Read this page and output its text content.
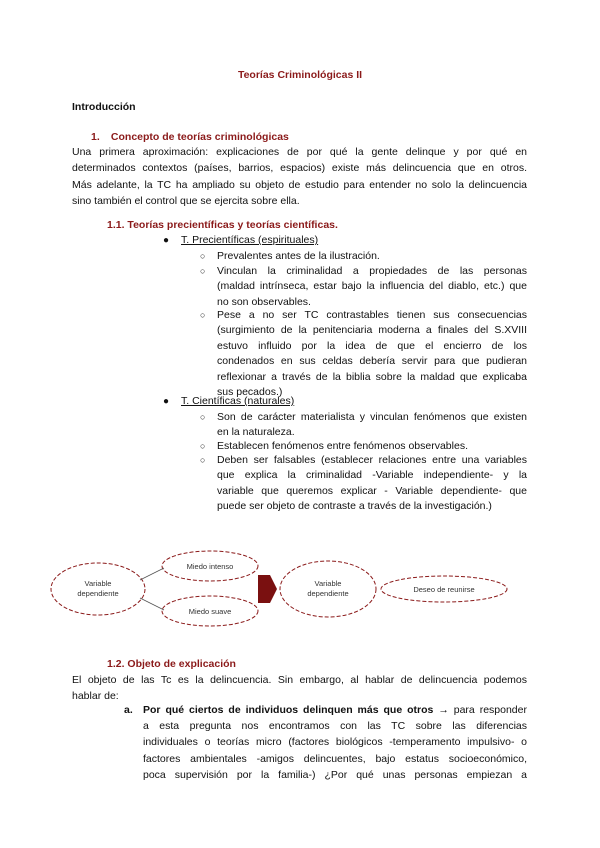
Teorías Criminológicas II
Introducción
1. Concepto de teorías criminológicas
Una primera aproximación: explicaciones de por qué la gente delinque y por qué en
determinados contextos (países, barrios, espacios) existe más delincuencia que en otros.
Más adelante, la TC ha ampliado su objeto de estudio para entender no solo la delincuencia
sino también el control que se ejercita sobre ella.
1.1. Teorías precientíficas y teorías científicas.
● T. Precientíficas (espirituales)
○ Prevalentes antes de la ilustración.
○ Vinculan la criminalidad a propiedades de las personas
(maldad intrínseca, estar bajo la influencia del diablo, etc.) que
no son observables.
○ Pese a no ser TC contrastables tienen sus consecuencias
(surgimiento de la penitenciaria moderna a finales del S.XVIII
estuvo influido por la idea de que el encierro de los
condenados en sus celdas debería servir para que pudieran
reflexionar a través de la biblia sobre la maldad que explicaba
sus pecados.)
● T. Científicas (naturales)
○ Son de carácter materialista y vinculan fenómenos que existen
en la naturaleza.
○ Establecen fenómenos entre fenómenos observables.
○ Deben ser falsables (establecer relaciones entre una variables
que explica la criminalidad -Variable independiente- y la
variable que queremos explicar - Variable dependiente- que
puede ser objeto de contraste a través de la investigación.)
Variable
dependiente
Miedo intenso
Miedo suave
Variable
dependiente	Deseo de reunirse
1.2. Objeto de explicación
El objeto de las Tc es la delincuencia. Sin embargo, al hablar de delincuencia podemos
hablar de:
a. Por qué ciertos de individuos delinquen más que otros → para responder
a esta pregunta nos encontramos con las TC sobre las diferencias
individuales o teorías micro (factores biológicos -temperamento impulsivo- o
factores ambientales -amigos delincuentes, bajo estatus socioeconómico,
poca supervisión por la familia-) ¿Por qué unas personas empiezan a
